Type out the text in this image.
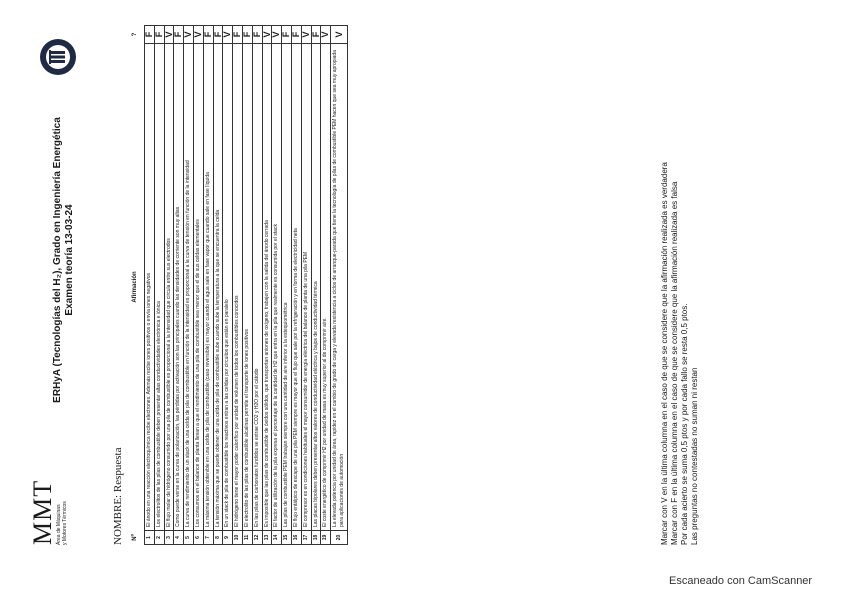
MMT Área de Máquinas y Motores Térmicos	NOMBRE: Respuesta
ERHyA (Tecnologías del H₂), Grado en Ingeniería Energética Examen teoría 13-03-24
Nº	Afirmación	?
1	El ánodo en una reacción electroquímica recibe electrones. Además recibe iones positivos o envía iones negativos	F
2	Los electrolitos de las pilas de combustible deben presentar altas conductividades electrónica e iónica	F
3	El flujo molar de hidrógeno consumido por una pila de combustible es proporcional a la intensidad que circula entre sus electrodos	V
4	Como puede verse en la curva de polarización, las pérdidas por activación son las principales cuando las densidades de corriente son muy altas	F
5	La curva de rendimiento de un stack de una celda de pila de combustible en función de la intensidad es proporcional a la curva de tensión en función de la intensidad	V
6	Los consumos en el balance de planta llevan a que el rendimiento de una pila de combustible sea menor que el de sus celdas elementales	V
7	La máxima tensión obtenible en una celda de pila de combustible (caso reversible) es mayor cuando el agua sale en fase vapor que cuando sale en fase líquida	F
8	La tensión máxima que se puede obtener de una celda de pila de combustible sube cuando sube la temperatura a la que se encuentra la celda	F
9	En un stack de pila de combustible los reactivos entran a las celdas por circuitos que están en paralelo	V
10	El hidrógeno tiene el mayor poder calorífico por unidad de volumen de todos los combustibles conocidos	F
11	El electrolito de las pilas de combustible alcalinas permite el transporte de iones positivos	F
12	En las pilas de carbonatos fundidos se extrae CO2 y H2O por el cátodo	F
13	Es imposible que las pilas de combustible de óxidos sólidos, que transportan aniones de oxígeno, trabajen con la salida del ánodo cerrada	V
14	El factor de utilización de la pila expresa el porcentaje de la cantidad de H2 que entra en la pila que realmente es consumida por el stack	V
15	Las pilas de combustible PEM trabajan siempre con una cantidad de aire inferior a la estequiométrica	F
16	El flujo entálpico de escape de una pila PEM siempre es mayor que el flujo que sale por la refrigeración y en forma de electricidad neta	F
17	El compresor es en condiciones habituales el mayor consumidor de energía eléctrica del balance de planta de una pila PEM	V
18	Las placas bipolares deben presentar altos valores de conductividad eléctrica y bajos de conductividad térmica	F
19	El coste energético de comprimir H2 por unidad de masa es muy superior al de comprimir aire.	V
20	La elevada potencia por unidad de área, rapidez en el cambio de grado de carga y elevada resistencia a ciclos de arranque-parada que tiene la tecnología de pilas de combustible PEM hacen que sea muy apropiada para aplicaciones de automoción	V
Marcar con V en la última columna en el caso de que se considere que la afirmación realizada es verdadera Marcar con F en la última columna en el caso de que se considere que la afirmación realizada es falsa Por cada acierto se suma 0,5 ptos y por cada fallo se resta 0,5 ptos. Las preguntas no contestadas no suman ni restan
Escaneado con CamScanner
